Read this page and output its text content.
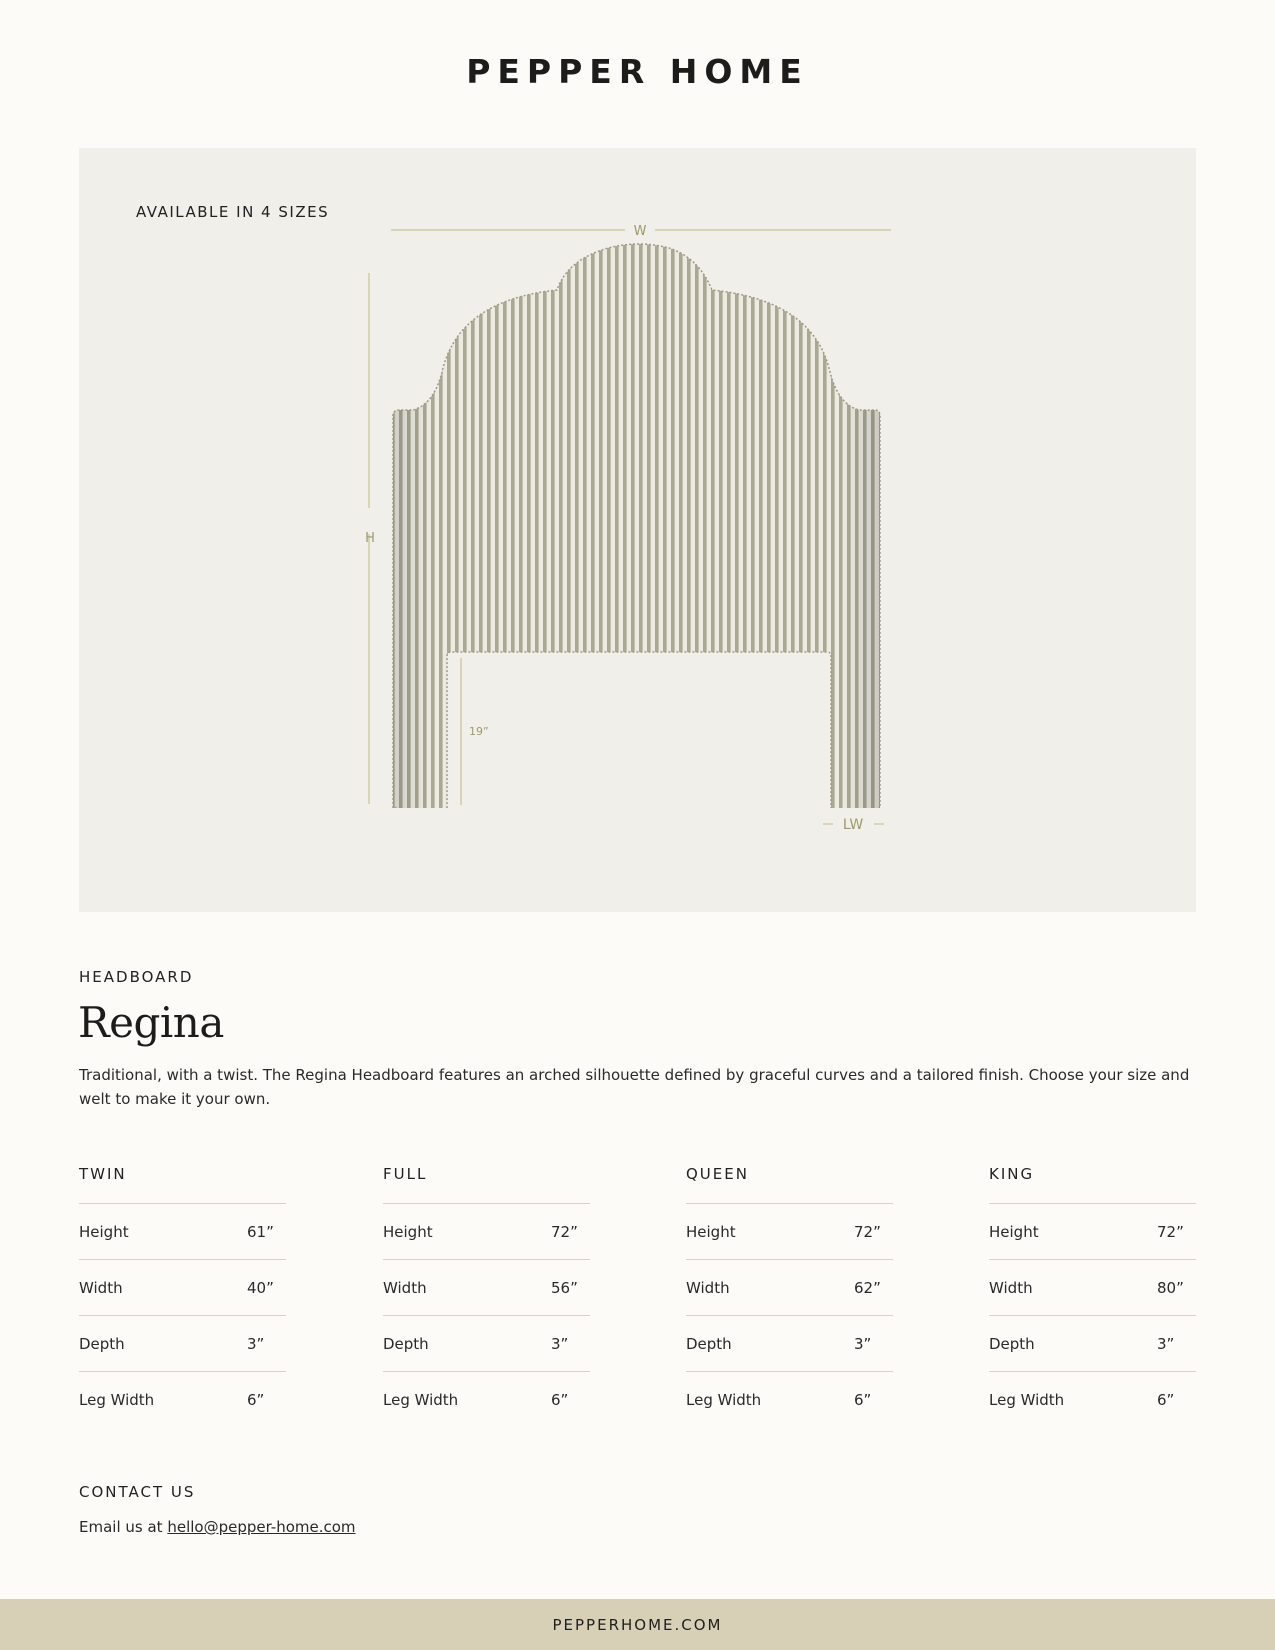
PEPPER HOME
AVAILABLE IN 4 SIZES
W
H
19”
LW
HEADBOARD
Regina
Traditional, with a twist. The Regina Headboard features an arched silhouette defined by graceful curves and a tailored finish. Choose your size and welt to make it your own.
TWIN
Height	61”
Width	40”
Depth	3”
Leg Width	6”
FULL
Height	72”
Width	56”
Depth	3”
Leg Width	6”
QUEEN
Height	72”
Width	62”
Depth	3”
Leg Width	6”
KING
Height	72”
Width	80”
Depth	3”
Leg Width	6”
CONTACT US
Email us at hello@pepper-home.com
PEPPERHOME.COM
